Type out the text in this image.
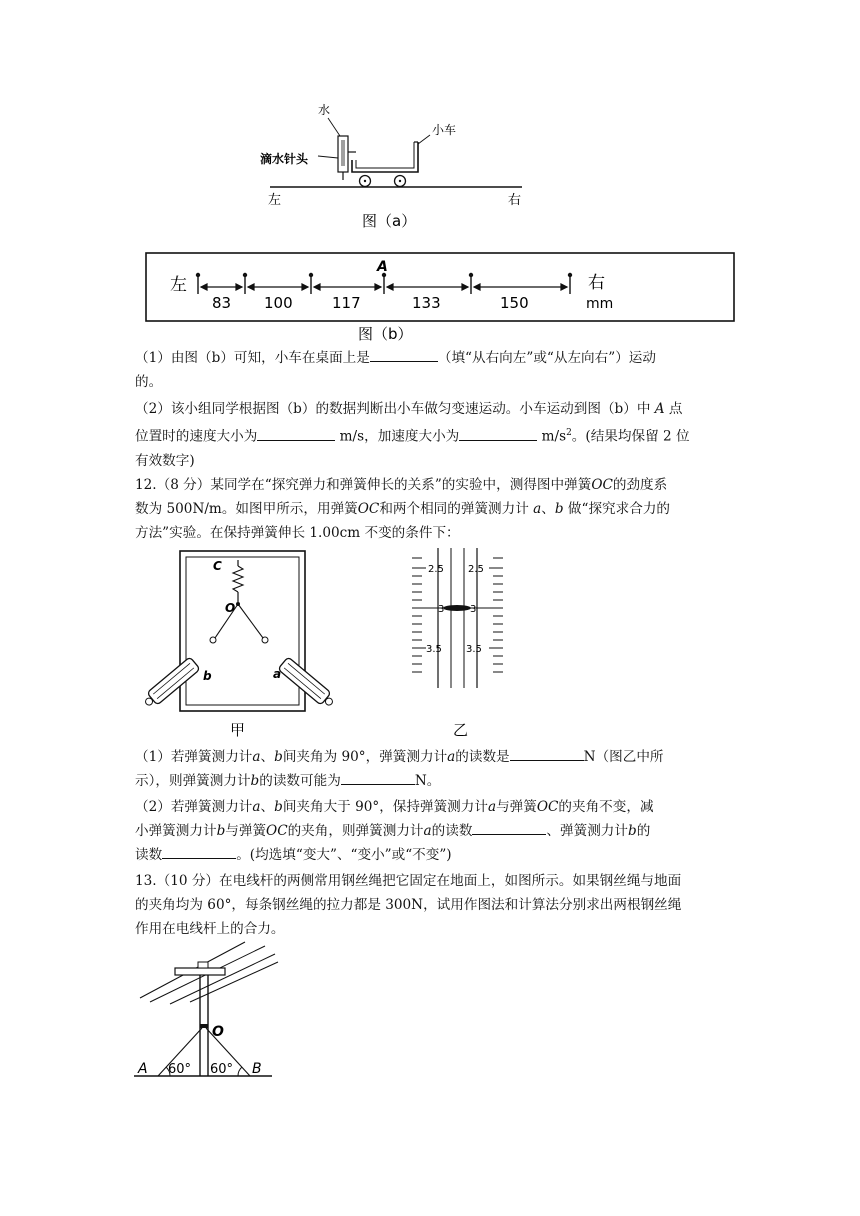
水
小车
滴水针头
左	右
图（a）
左	右
mm
A
83 100	117	133	150
图（b）
（1）由图（b）可知，小车在桌面上是	（填“从右向左”或“从左向右”）运动
的。
（2）该小组同学根据图（b）的数据判断出小车做匀变速运动。小车运动到图（b）中 A 点
位置时的速度大小为	m/s，加速度大小为	$m/s^2$。(结果均保留 2 位
有效数字)
12.（8 分）某同学在“探究弹力和弹簧伸长的关系”的实验中，测得图中弹簧OC的劲度系
数为 500N/m。如图甲所示，用弹簧OC和两个相同的弹簧测力计 a、b 做“探究求合力的
方法”实验。在保持弹簧伸长 1.00cm 不变的条件下：
C
O
b	a
甲
2.5 2.5
3	3
3.5 3.5
乙
（1）若弹簧测力计a、b间夹角为 90°，弹簧测力计a的读数是	N（图乙中所
示），则弹簧测力计b的读数可能为	N。
（2）若弹簧测力计a、b间夹角大于 90°，保持弹簧测力计a与弹簧OC的夹角不变，减
小弹簧测力计b与弹簧OC的夹角，则弹簧测力计a的读数	、弹簧测力计b的
读数	。(均选填“变大”、“变小”或“不变”)
13.（10 分）在电线杆的两侧常用钢丝绳把它固定在地面上，如图所示。如果钢丝绳与地面
的夹角均为 60°，每条钢丝绳的拉力都是 300N，试用作图法和计算法分别求出两根钢丝绳
作用在电线杆上的合力。
O
A	B
60° 60°
